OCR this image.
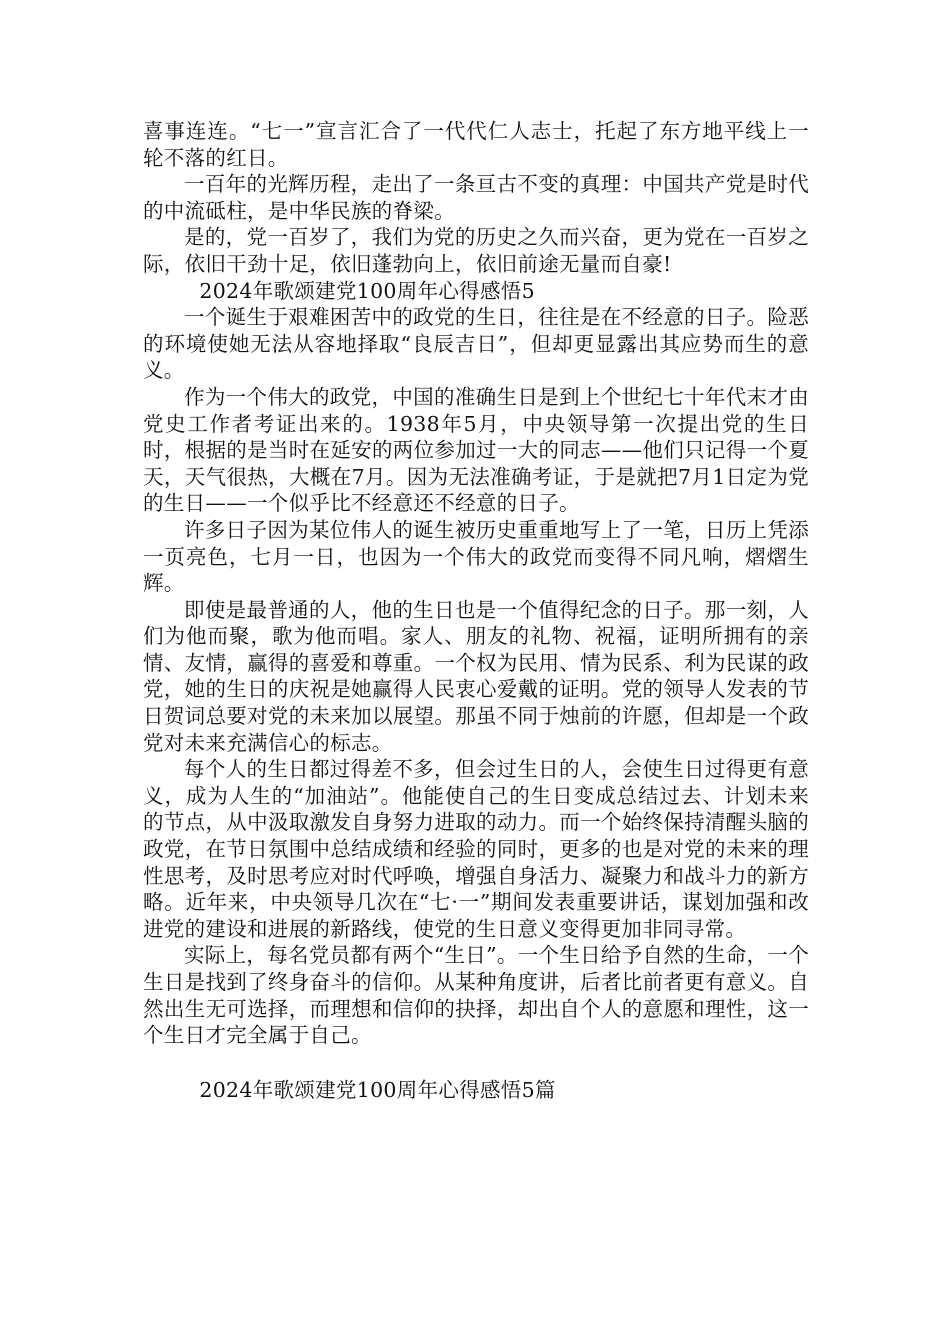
喜事连连。“七一”宣言汇合了一代代仁人志士，托起了东方地平线上一轮不落的红日。

一百年的光辉历程，走出了一条亘古不变的真理：中国共产党是时代的中流砥柱，是中华民族的脊梁。

是的，党一百岁了，我们为党的历史之久而兴奋，更为党在一百岁之际，依旧干劲十足，依旧蓬勃向上，依旧前途无量而自豪!

2024年歌颂建党100周年心得感悟5

一个诞生于艰难困苦中的政党的生日，往往是在不经意的日子。险恶的环境使她无法从容地择取“良辰吉日”，但却更显露出其应势而生的意义。

作为一个伟大的政党，中国的准确生日是到上个世纪七十年代末才由党史工作者考证出来的。1938年5月，中央领导第一次提出党的生日时，根据的是当时在延安的两位参加过一大的同志——他们只记得一个夏天，天气很热，大概在7月。因为无法准确考证，于是就把7月1日定为党的生日——一个似乎比不经意还不经意的日子。

许多日子因为某位伟人的诞生被历史重重地写上了一笔，日历上凭添一页亮色，七月一日，也因为一个伟大的政党而变得不同凡响，熠熠生辉。

即使是最普通的人，他的生日也是一个值得纪念的日子。那一刻，人们为他而聚，歌为他而唱。家人、朋友的礼物、祝福，证明所拥有的亲情、友情，赢得的喜爱和尊重。一个权为民用、情为民系、利为民谋的政党，她的生日的庆祝是她赢得人民衷心爱戴的证明。党的领导人发表的节日贺词总要对党的未来加以展望。那虽不同于烛前的许愿，但却是一个政党对未来充满信心的标志。

每个人的生日都过得差不多，但会过生日的人，会使生日过得更有意义，成为人生的“加油站”。他能使自己的生日变成总结过去、计划未来的节点，从中汲取激发自身努力进取的动力。而一个始终保持清醒头脑的政党，在节日氛围中总结成绩和经验的同时，更多的也是对党的未来的理性思考，及时思考应对时代呼唤，增强自身活力、凝聚力和战斗力的新方略。近年来，中央领导几次在“七·一”期间发表重要讲话，谋划加强和改进党的建设和进展的新路线，使党的生日意义变得更加非同寻常。

实际上，每名党员都有两个“生日”。一个生日给予自然的生命，一个生日是找到了终身奋斗的信仰。从某种角度讲，后者比前者更有意义。自然出生无可选择，而理想和信仰的抉择，却出自个人的意愿和理性，这一个生日才完全属于自己。

2024年歌颂建党100周年心得感悟5篇
